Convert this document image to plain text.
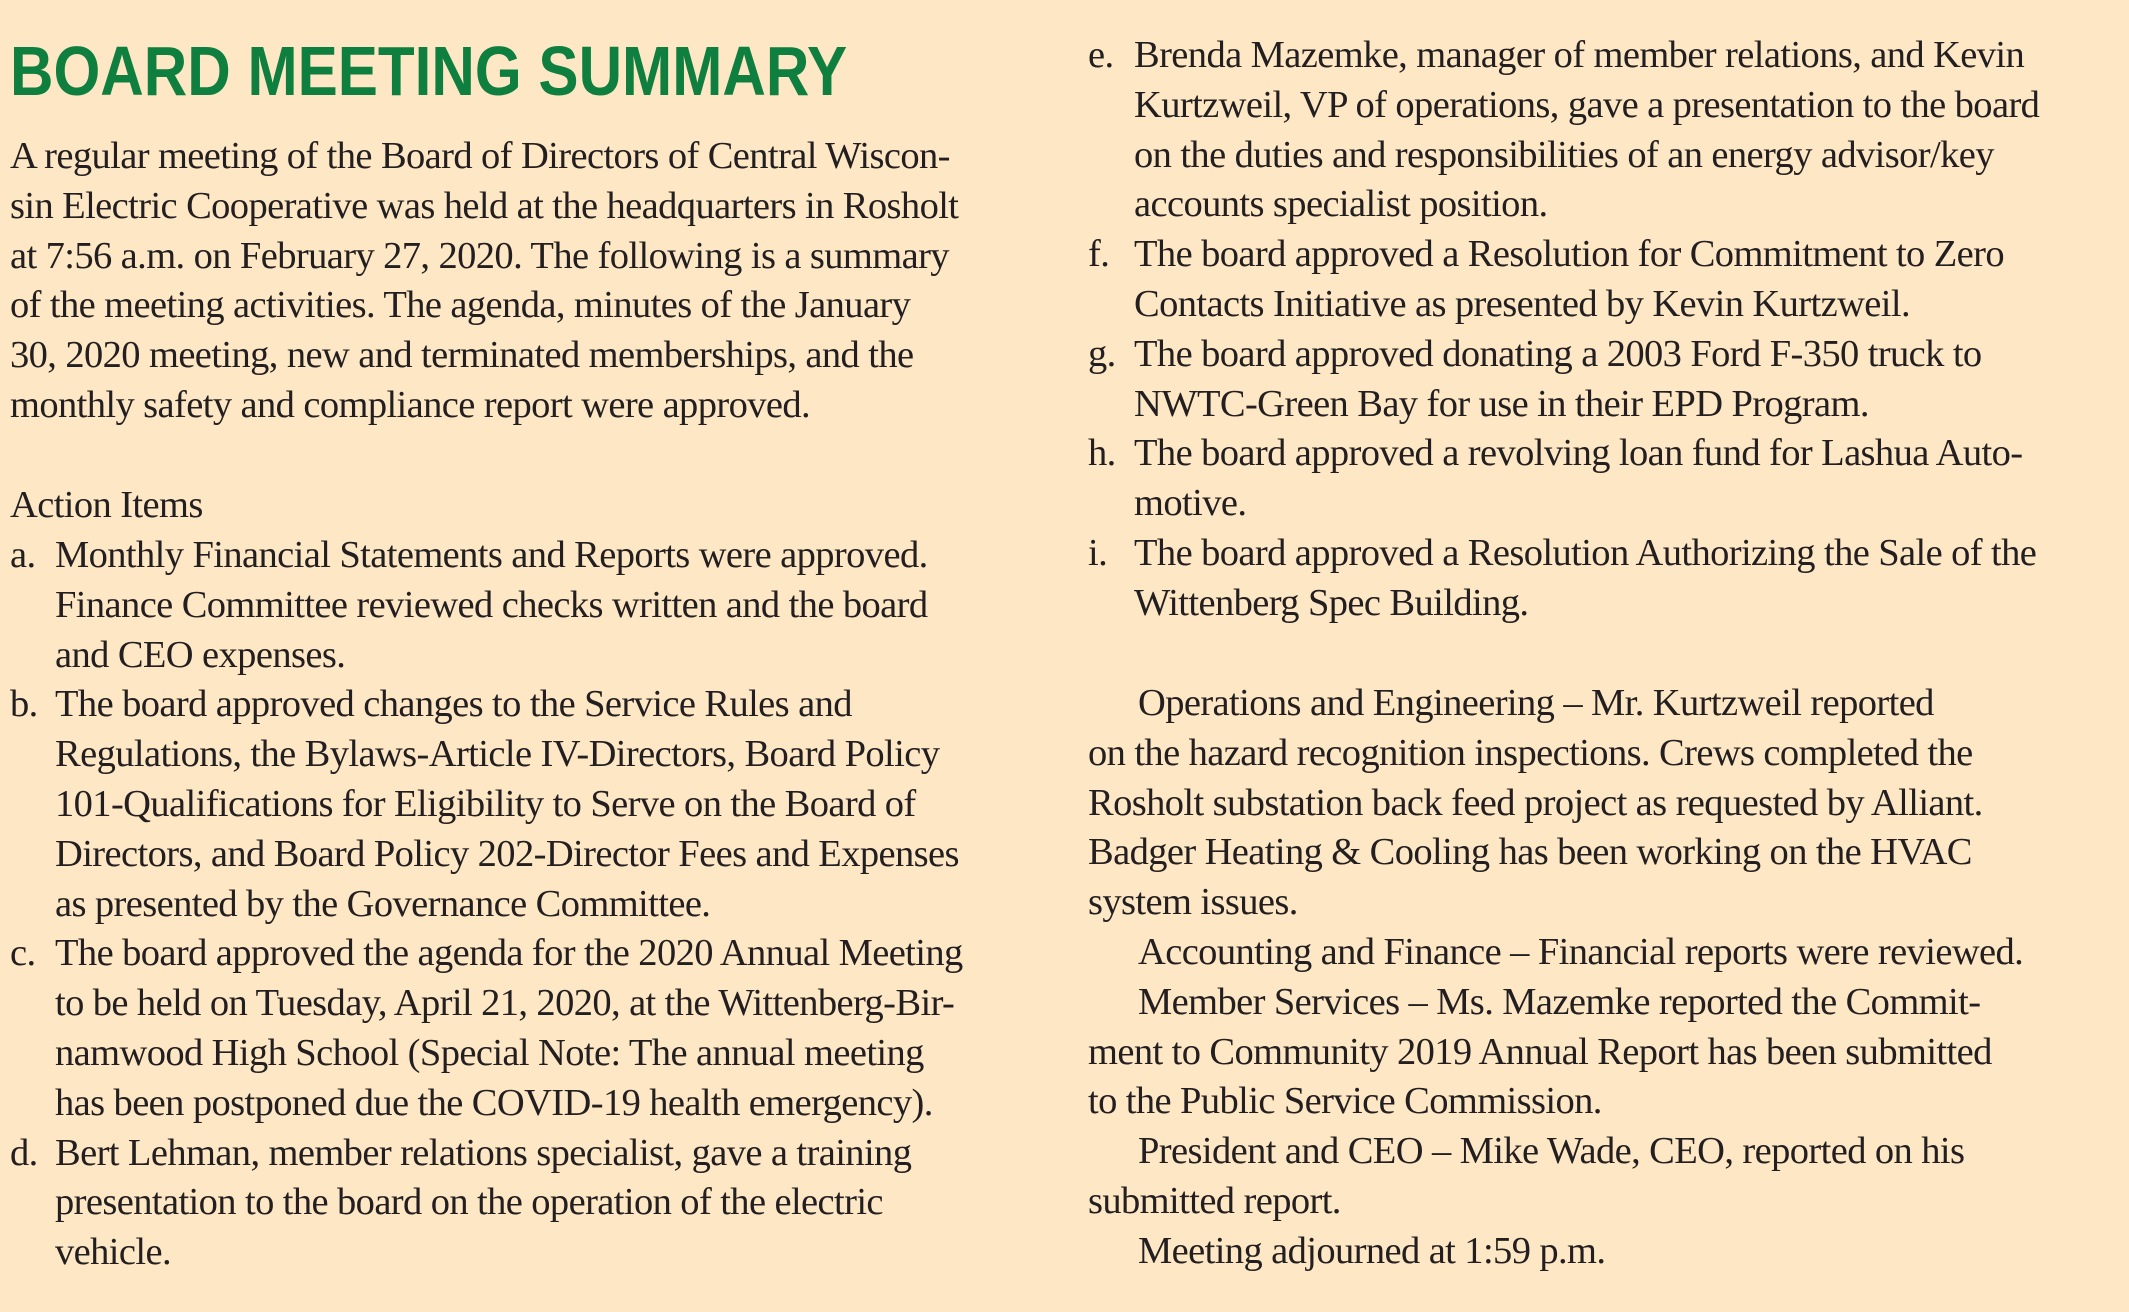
BOARD MEETING SUMMARY

A regular meeting of the Board of Directors of Central Wiscon-
sin Electric Cooperative was held at the headquarters in Rosholt
at 7:56 a.m. on February 27, 2020. The following is a summary
of the meeting activities. The agenda, minutes of the January
30, 2020 meeting, new and terminated memberships, and the
monthly safety and compliance report were approved.

Action Items

a. Monthly Financial Statements and Reports were approved.
Finance Committee reviewed checks written and the board
and CEO expenses.
b. The board approved changes to the Service Rules and
Regulations, the Bylaws-Article IV-Directors, Board Policy
101-Qualifications for Eligibility to Serve on the Board of
Directors, and Board Policy 202-Director Fees and Expenses
as presented by the Governance Committee.
c. The board approved the agenda for the 2020 Annual Meeting
to be held on Tuesday, April 21, 2020, at the Wittenberg-Bir-
namwood High School (Special Note: The annual meeting
has been postponed due the COVID-19 health emergency).
d. Bert Lehman, member relations specialist, gave a training
presentation to the board on the operation of the electric
vehicle.
e. Brenda Mazemke, manager of member relations, and Kevin
Kurtzweil, VP of operations, gave a presentation to the board
on the duties and responsibilities of an energy advisor/key
accounts specialist position.
f. The board approved a Resolution for Commitment to Zero
Contacts Initiative as presented by Kevin Kurtzweil.
g. The board approved donating a 2003 Ford F-350 truck to
NWTC-Green Bay for use in their EPD Program.
h. The board approved a revolving loan fund for Lashua Auto-
motive.
i. The board approved a Resolution Authorizing the Sale of the
Wittenberg Spec Building.

Operations and Engineering – Mr. Kurtzweil reported
on the hazard recognition inspections. Crews completed the
Rosholt substation back feed project as requested by Alliant.
Badger Heating & Cooling has been working on the HVAC
system issues.

Accounting and Finance – Financial reports were reviewed.

Member Services – Ms. Mazemke reported the Commit-
ment to Community 2019 Annual Report has been submitted
to the Public Service Commission.

President and CEO – Mike Wade, CEO, reported on his
submitted report.

Meeting adjourned at 1:59 p.m.
